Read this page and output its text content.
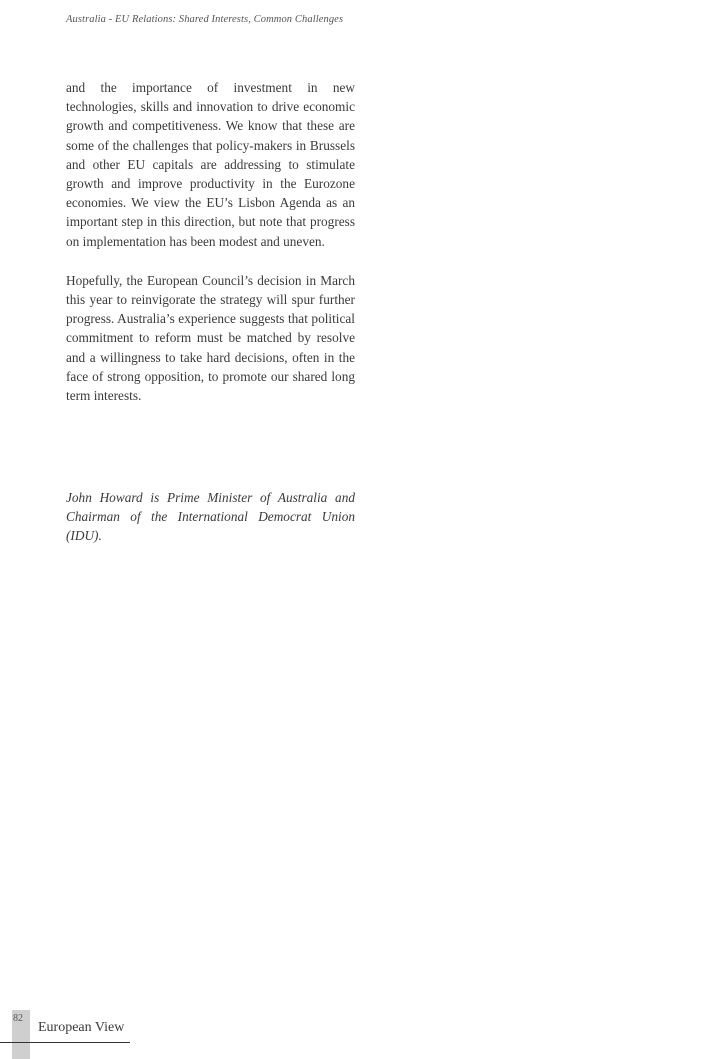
Australia - EU Relations: Shared Interests, Common Challenges

and the importance of investment in new technologies, skills and innovation to drive economic growth and competitiveness. We know that these are some of the challenges that policy-makers in Brussels and other EU capitals are addressing to stimulate growth and improve productivity in the Eurozone economies. We view the EU’s Lisbon Agenda as an important step in this direction, but note that progress on implementation has been modest and uneven.

Hopefully, the European Council’s decision in March this year to reinvigorate the strategy will spur further progress. Australia’s experience suggests that political commitment to reform must be matched by resolve and a willingness to take hard decisions, often in the face of strong opposition, to promote our shared long term interests.

John Howard is Prime Minister of Australia and Chairman of the International Democrat Union (IDU).

82
European View
